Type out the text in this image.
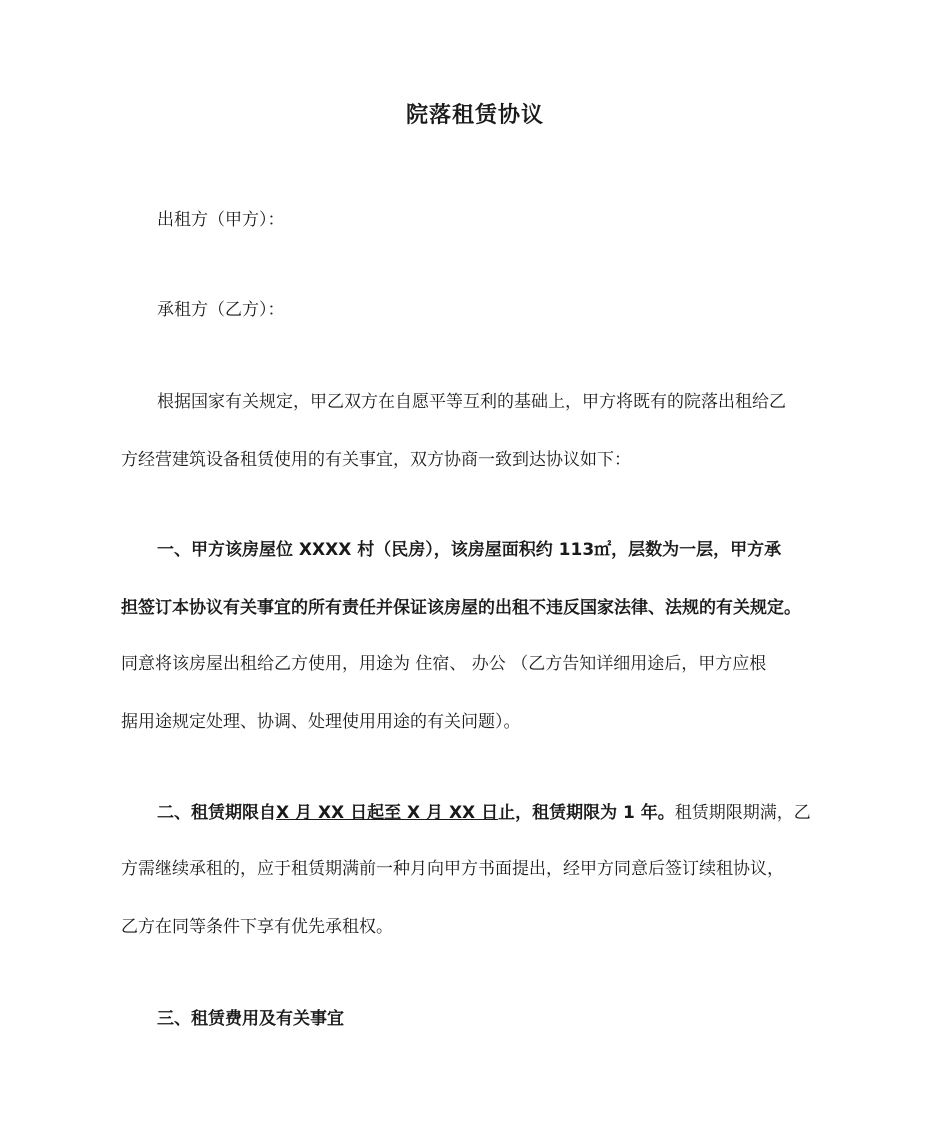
院落租赁协议
出租方（甲方）：
承租方（乙方）：
根据国家有关规定，甲乙双方在自愿平等互利的基础上，甲方将既有的院落出租给乙
方经营建筑设备租赁使用的有关事宜，双方协商一致到达协议如下：
一、甲方该房屋位 XXXX 村（民房），该房屋面积约 113㎡，层数为一层，甲方承
担签订本协议有关事宜的所有责任并保证该房屋的出租不违反国家法律、法规的有关规定。
同意将该房屋出租给乙方使用，用途为 住宿、 办公 （乙方告知详细用途后，甲方应根
据用途规定处理、协调、处理使用用途的有关问题）。
二、租赁期限自X 月 XX 日起至 X 月 XX 日止，租赁期限为 1 年。租赁期限期满，乙
方需继续承租的，应于租赁期满前一种月向甲方书面提出，经甲方同意后签订续租协议，
乙方在同等条件下享有优先承租权。
三、租赁费用及有关事宜
